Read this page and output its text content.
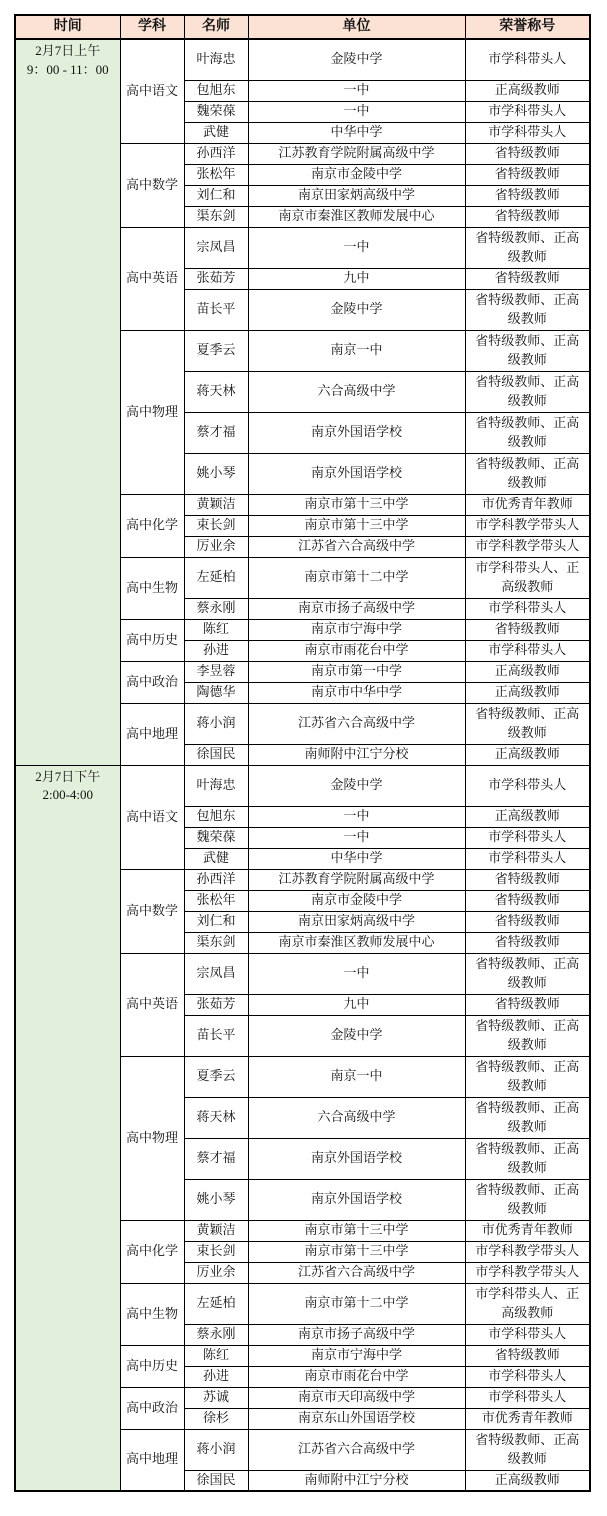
时间	学科	名师	单位	荣誉称号

2月7日上午
9：00 - 11：00	高中语文	叶海忠	金陵中学	市学科带头人
		包旭东	一中	正高级教师
		魏荣葆	一中	市学科带头人
		武健	中华中学	市学科带头人
	高中数学	孙西洋	江苏教育学院附属高级中学	省特级教师
		张松年	南京市金陵中学	省特级教师
		刘仁和	南京田家炳高级中学	省特级教师
		渠东剑	南京市秦淮区教师发展中心	省特级教师
	高中英语	宗凤昌	一中	省特级教师、正高级教师
		张茹芳	九中	省特级教师
		苗长平	金陵中学	省特级教师、正高级教师
	高中物理	夏季云	南京一中	省特级教师、正高级教师
		蒋天林	六合高级中学	省特级教师、正高级教师
		蔡才福	南京外国语学校	省特级教师、正高级教师
		姚小琴	南京外国语学校	省特级教师、正高级教师
	高中化学	黄颖洁	南京市第十三中学	市优秀青年教师
		束长剑	南京市第十三中学	市学科教学带头人
		厉业余	江苏省六合高级中学	市学科教学带头人
	高中生物	左延柏	南京市第十二中学	市学科带头人、正高级教师
		蔡永刚	南京市扬子高级中学	市学科带头人
	高中历史	陈红	南京市宁海中学	省特级教师
		孙进	南京市雨花台中学	市学科带头人
	高中政治	李昱蓉	南京市第一中学	正高级教师
		陶德华	南京市中华中学	正高级教师
	高中地理	蒋小润	江苏省六合高级中学	省特级教师、正高级教师
		徐国民	南师附中江宁分校	正高级教师

2月7日下午
2:00-4:00	高中语文	叶海忠	金陵中学	市学科带头人
		包旭东	一中	正高级教师
		魏荣葆	一中	市学科带头人
		武健	中华中学	市学科带头人
	高中数学	孙西洋	江苏教育学院附属高级中学	省特级教师
		张松年	南京市金陵中学	省特级教师
		刘仁和	南京田家炳高级中学	省特级教师
		渠东剑	南京市秦淮区教师发展中心	省特级教师
	高中英语	宗凤昌	一中	省特级教师、正高级教师
		张茹芳	九中	省特级教师
		苗长平	金陵中学	省特级教师、正高级教师
	高中物理	夏季云	南京一中	省特级教师、正高级教师
		蒋天林	六合高级中学	省特级教师、正高级教师
		蔡才福	南京外国语学校	省特级教师、正高级教师
		姚小琴	南京外国语学校	省特级教师、正高级教师
	高中化学	黄颖洁	南京市第十三中学	市优秀青年教师
		束长剑	南京市第十三中学	市学科教学带头人
		厉业余	江苏省六合高级中学	市学科教学带头人
	高中生物	左延柏	南京市第十二中学	市学科带头人、正高级教师
		蔡永刚	南京市扬子高级中学	市学科带头人
	高中历史	陈红	南京市宁海中学	省特级教师
		孙进	南京市雨花台中学	市学科带头人
	高中政治	苏诚	南京市天印高级中学	市学科带头人
		徐杉	南京东山外国语学校	市优秀青年教师
	高中地理	蒋小润	江苏省六合高级中学	省特级教师、正高级教师
		徐国民	南师附中江宁分校	正高级教师
